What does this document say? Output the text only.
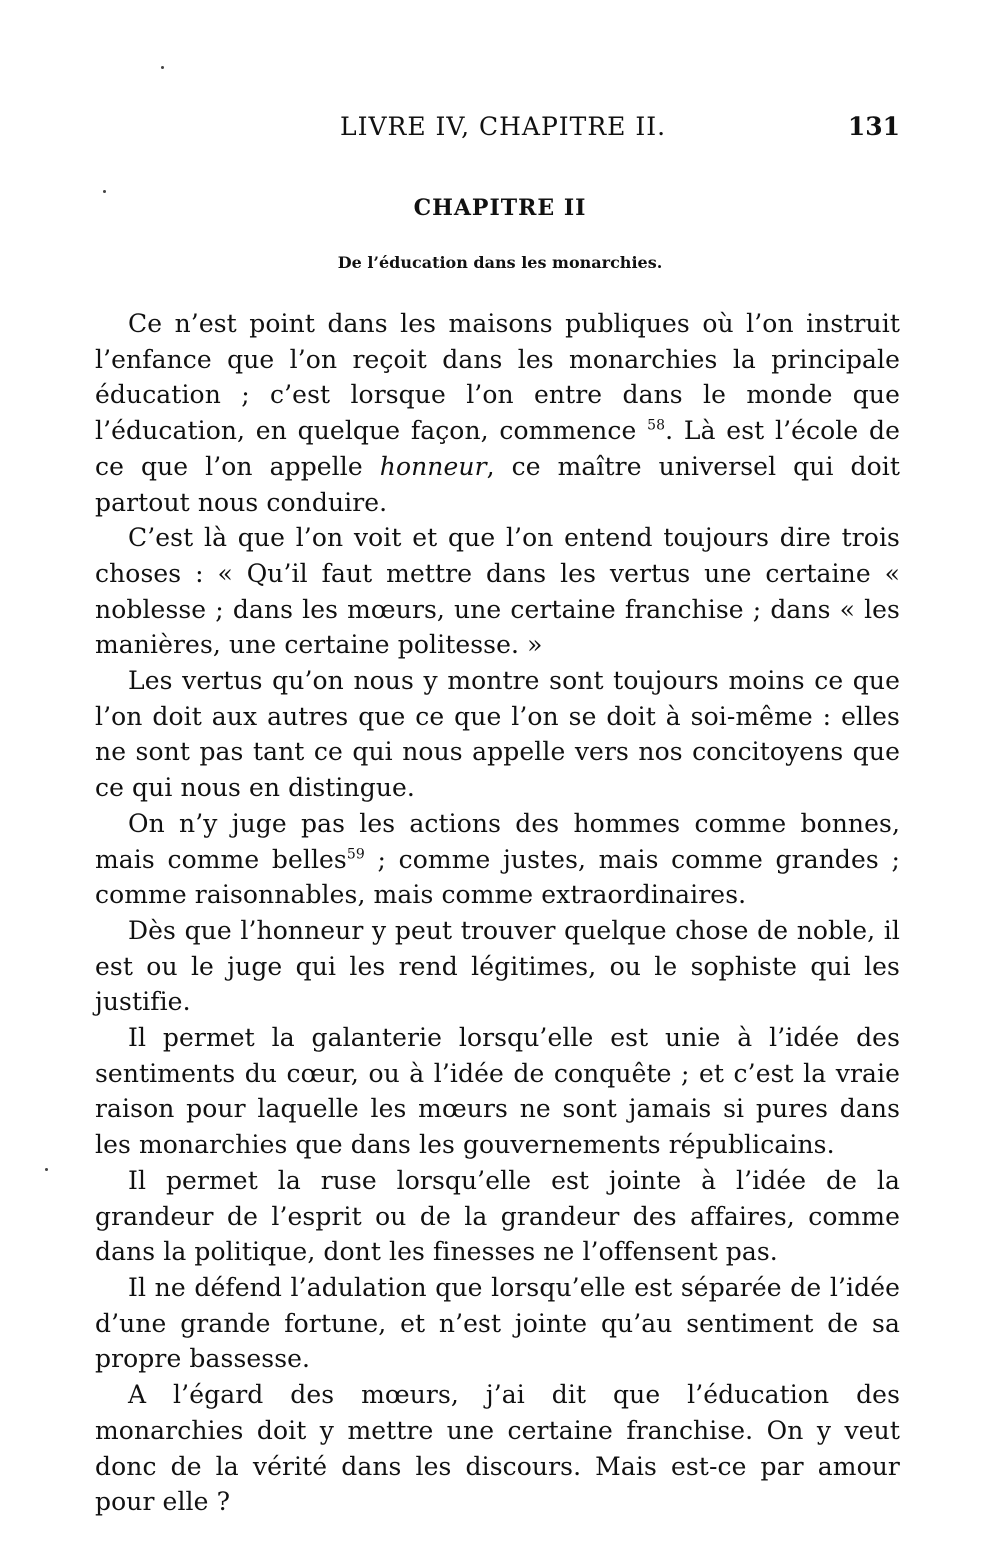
LIVRE IV, CHAPITRE II.	131
CHAPITRE II
De l’éducation dans les monarchies.

Ce n’est point dans les maisons publiques où l’on instruit l’enfance que l’on reçoit dans les monarchies la principale éducation ; c’est lorsque l’on entre dans le monde que l’éducation, en quelque façon, commence $^{58}$. Là est l’école de ce que l’on appelle honneur, ce maître universel qui doit partout nous conduire.

C’est là que l’on voit et que l’on entend toujours dire trois choses : « Qu’il faut mettre dans les vertus une certaine « noblesse ; dans les mœurs, une certaine franchise ; dans « les manières, une certaine politesse. »

Les vertus qu’on nous y montre sont toujours moins ce que l’on doit aux autres que ce que l’on se doit à soi-même : elles ne sont pas tant ce qui nous appelle vers nos concitoyens que ce qui nous en distingue.

On n’y juge pas les actions des hommes comme bonnes, mais comme belles$^{59}$ ; comme justes, mais comme grandes ; comme raisonnables, mais comme extraordinaires.

Dès que l’honneur y peut trouver quelque chose de noble, il est ou le juge qui les rend légitimes, ou le sophiste qui les justifie.

Il permet la galanterie lorsqu’elle est unie à l’idée des sentiments du cœur, ou à l’idée de conquête ; et c’est la vraie raison pour laquelle les mœurs ne sont jamais si pures dans les monarchies que dans les gouvernements républicains.

Il permet la ruse lorsqu’elle est jointe à l’idée de la grandeur de l’esprit ou de la grandeur des affaires, comme dans la politique, dont les finesses ne l’offensent pas.

Il ne défend l’adulation que lorsqu’elle est séparée de l’idée d’une grande fortune, et n’est jointe qu’au sentiment de sa propre bassesse.

A l’égard des mœurs, j’ai dit que l’éducation des monarchies doit y mettre une certaine franchise. On y veut donc de la vérité dans les discours. Mais est-ce par amour pour elle ?
